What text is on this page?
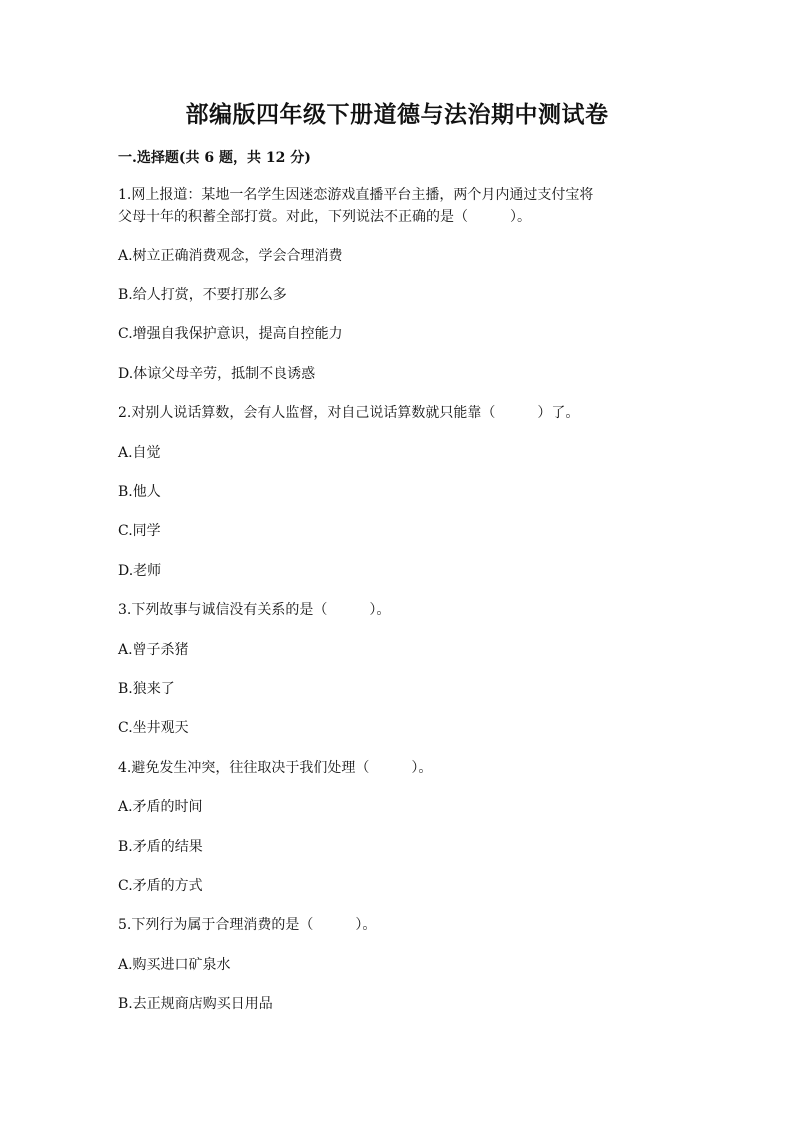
部编版四年级下册道德与法治期中测试卷

一.选择题(共 6 题，共 12 分)

1.网上报道：某地一名学生因迷恋游戏直播平台主播，两个月内通过支付宝将

父母十年的积蓄全部打赏。对此，下列说法不正确的是（　　　）。

A.树立正确消费观念，学会合理消费

B.给人打赏，不要打那么多

C.增强自我保护意识，提高自控能力

D.体谅父母辛劳，抵制不良诱惑

2.对别人说话算数，会有人监督，对自己说话算数就只能靠（　　　）了。

A.自觉

B.他人

C.同学

D.老师

3.下列故事与诚信没有关系的是（　　　）。

A.曾子杀猪

B.狼来了

C.坐井观天

4.避免发生冲突，往往取决于我们处理（　　　）。

A.矛盾的时间

B.矛盾的结果

C.矛盾的方式

5.下列行为属于合理消费的是（　　　）。

A.购买进口矿泉水

B.去正规商店购买日用品
